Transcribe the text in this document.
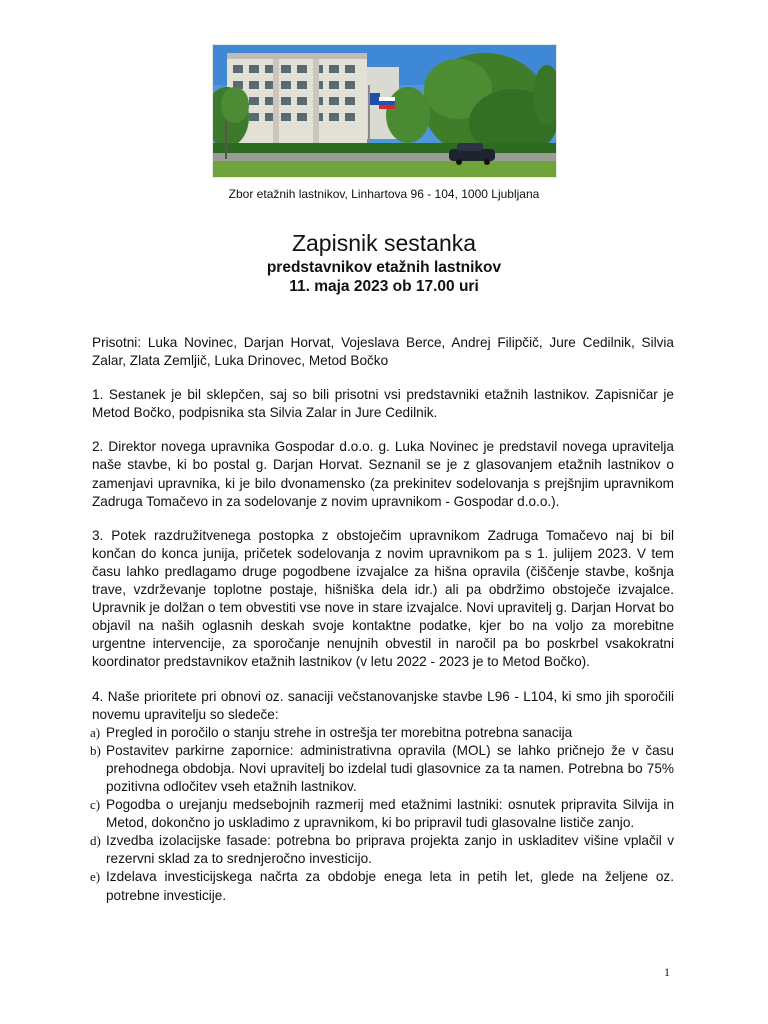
Zbor etažnih lastnikov, Linhartova 96 - 104, 1000 Ljubljana
Zapisnik sestanka
predstavnikov etažnih lastnikov
11. maja 2023 ob 17.00 uri

Prisotni: Luka Novinec, Darjan Horvat, Vojeslava Berce, Andrej Filipčič, Jure Cedilnik, Silvia Zalar, Zlata Zemljič, Luka Drinovec, Metod Bočko

1. Sestanek je bil sklepčen, saj so bili prisotni vsi predstavniki etažnih lastnikov. Zapisničar je Metod Bočko, podpisnika sta Silvia Zalar in Jure Cedilnik.

2. Direktor novega upravnika Gospodar d.o.o. g. Luka Novinec je predstavil novega upravitelja naše stavbe, ki bo postal g. Darjan Horvat. Seznanil se je z glasovanjem etažnih lastnikov o zamenjavi upravnika, ki je bilo dvonamensko (za prekinitev sodelovanja s prejšnjim upravnikom Zadruga Tomačevo in za sodelovanje z novim upravnikom - Gospodar d.o.o.).

3. Potek razdružitvenega postopka z obstoječim upravnikom Zadruga Tomačevo naj bi bil končan do konca junija, pričetek sodelovanja z novim upravnikom pa s 1. julijem 2023. V tem času lahko predlagamo druge pogodbene izvajalce za hišna opravila (čiščenje stavbe, košnja trave, vzdrževanje toplotne postaje, hišniška dela idr.) ali pa obdržimo obstoječe izvajalce. Upravnik je dolžan o tem obvestiti vse nove in stare izvajalce. Novi upravitelj g. Darjan Horvat bo objavil na naših oglasnih deskah svoje kontaktne podatke, kjer bo na voljo za morebitne urgentne intervencije, za sporočanje nenujnih obvestil in naročil pa bo poskrbel vsakokratni koordinator predstavnikov etažnih lastnikov (v letu 2022 - 2023 je to Metod Bočko).

4. Naše prioritete pri obnovi oz. sanaciji večstanovanjske stavbe L96 - L104, ki smo jih sporočili novemu upravitelju so sledeče:

a) Pregled in poročilo o stanju strehe in ostrešja ter morebitna potrebna sanacija
b) Postavitev parkirne zapornice: administrativna opravila (MOL) se lahko pričnejo že v času prehodnega obdobja. Novi upravitelj bo izdelal tudi glasovnice za ta namen. Potrebna bo 75% pozitivna odločitev vseh etažnih lastnikov.
c) Pogodba o urejanju medsebojnih razmerij med etažnimi lastniki: osnutek pripravita Silvija in Metod, dokončno jo uskladimo z upravnikom, ki bo pripravil tudi glasovalne lističe zanjo.
d) Izvedba izolacijske fasade: potrebna bo priprava projekta zanjo in uskladitev višine vplačil v rezervni sklad za to srednjeročno investicijo.
e) Izdelava investicijskega načrta za obdobje enega leta in petih let, glede na željene oz. potrebne investicije.
1
